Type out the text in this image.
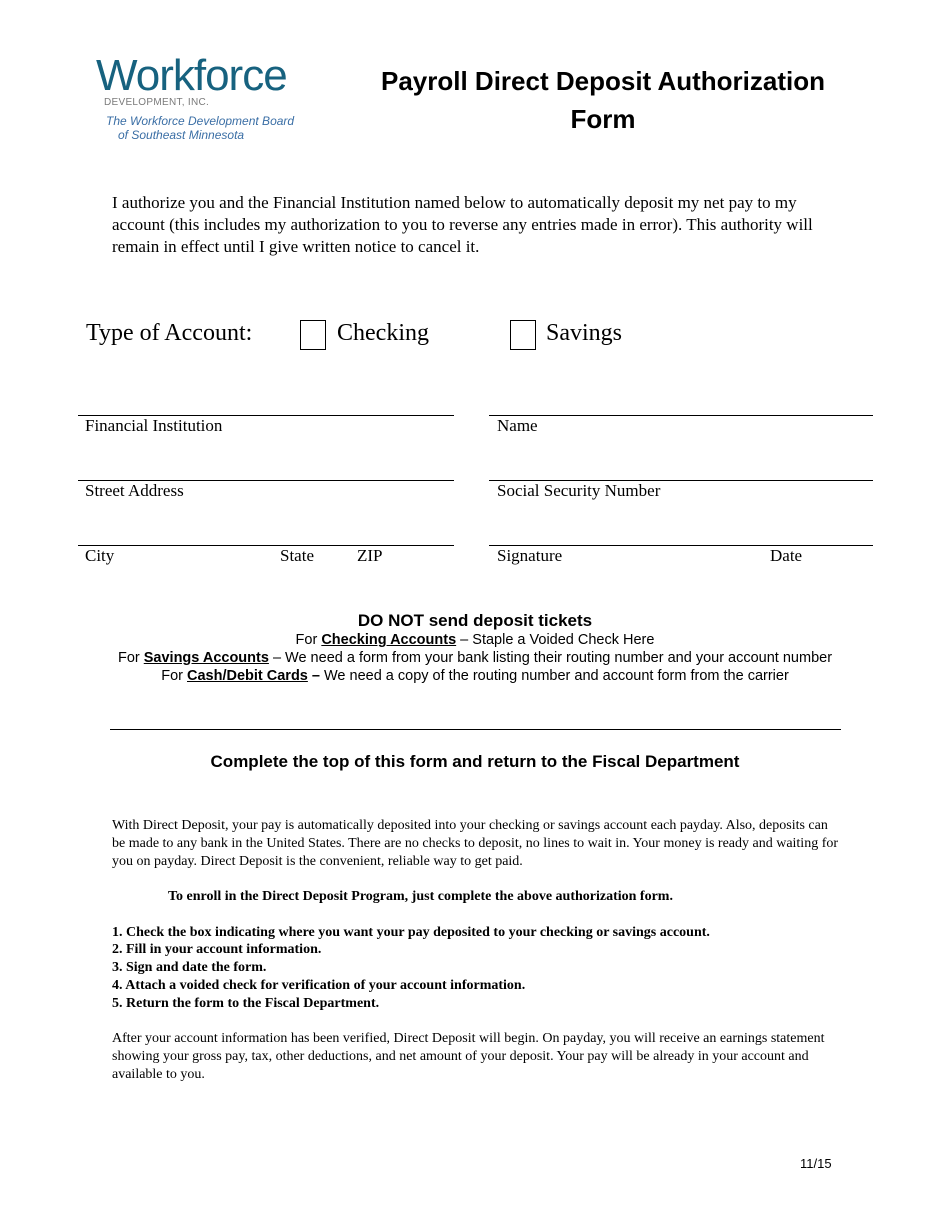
Workforce
DEVELOPMENT, INC.
The Workforce Development Board
of Southeast Minnesota
Payroll Direct Deposit Authorization Form
I authorize you and the Financial Institution named below to automatically deposit my net pay to my account (this includes my authorization to you to reverse any entries made in error). This authority will remain in effect until I give written notice to cancel it.
Type of Account:	Checking	Savings
Financial Institution
Street Address
City	State	ZIP
Name
Social Security Number
Signature	Date
DO NOT send deposit tickets
For Checking Accounts – Staple a Voided Check Here
For Savings Accounts – We need a form from your bank listing their routing number and your account number
For Cash/Debit Cards – We need a copy of the routing number and account form from the carrier
Complete the top of this form and return to the Fiscal Department
With Direct Deposit, your pay is automatically deposited into your checking or savings account each payday. Also, deposits can be made to any bank in the United States. There are no checks to deposit, no lines to wait in. Your money is ready and waiting for you on payday. Direct Deposit is the convenient, reliable way to get paid.
To enroll in the Direct Deposit Program, just complete the above authorization form.
1. Check the box indicating where you want your pay deposited to your checking or savings account.
2. Fill in your account information.
3. Sign and date the form.
4. Attach a voided check for verification of your account information.
5. Return the form to the Fiscal Department.
After your account information has been verified, Direct Deposit will begin. On payday, you will receive an earnings statement showing your gross pay, tax, other deductions, and net amount of your deposit. Your pay will be already in your account and available to you.
11/15
